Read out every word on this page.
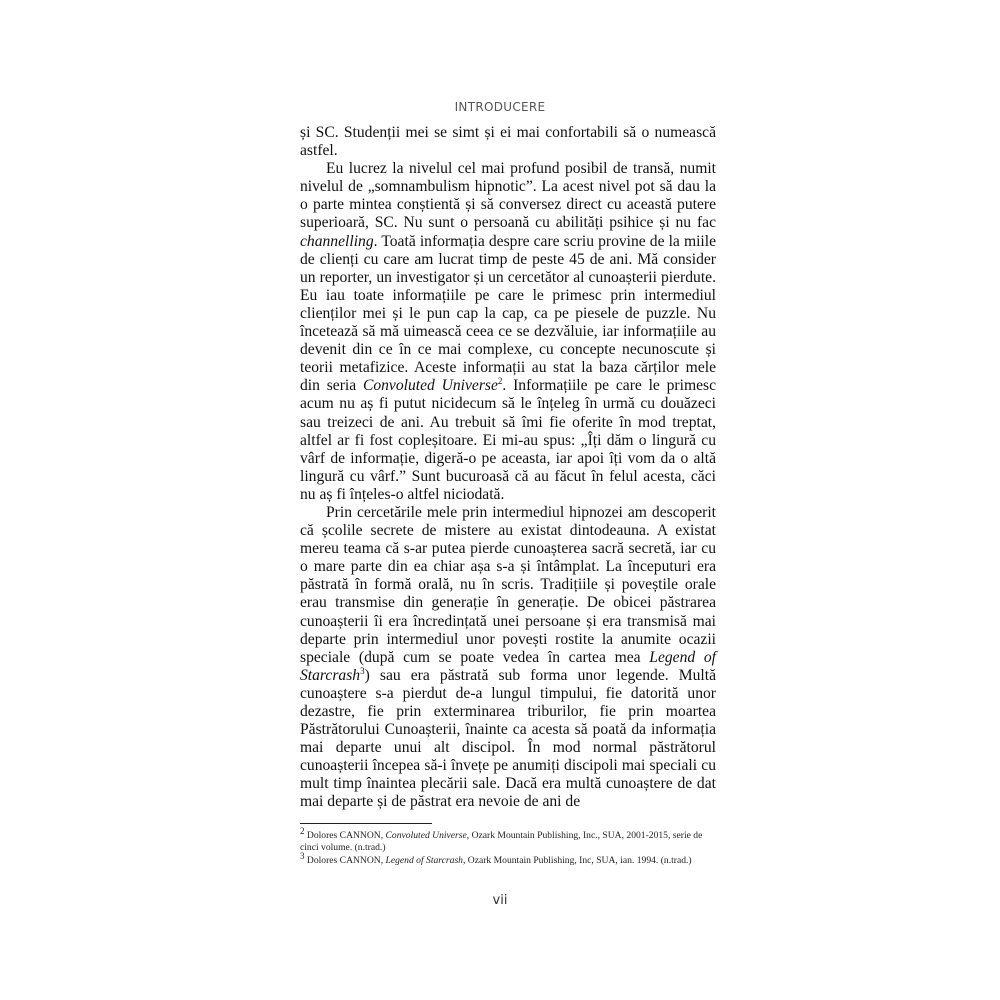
INTRODUCERE

și SC. Studenții mei se simt și ei mai confortabili să o numească astfel.

Eu lucrez la nivelul cel mai profund posibil de transă, numit nivelul de „somnambulism hipnotic”. La acest nivel pot să dau la o parte mintea conștientă și să conversez direct cu această putere superioară, SC. Nu sunt o persoană cu abilități psihice și nu fac channelling. Toată informația despre care scriu provine de la miile de clienți cu care am lucrat timp de peste 45 de ani. Mă consider un reporter, un investigator și un cercetător al cunoașterii pierdute. Eu iau toate informațiile pe care le primesc prin intermediul clienților mei și le pun cap la cap, ca pe piesele de puzzle. Nu încetează să mă uimească ceea ce se dezvăluie, iar informațiile au devenit din ce în ce mai complexe, cu concepte necunoscute și teorii metafizice. Aceste informații au stat la baza cărților mele din seria Convoluted Universe$^2$. Informațiile pe care le primesc acum nu aș fi putut nicidecum să le înțeleg în urmă cu douăzeci sau treizeci de ani. Au trebuit să îmi fie oferite în mod treptat, altfel ar fi fost copleșitoare. Ei mi-au spus: „Îți dăm o lingură cu vârf de informație, digeră-o pe aceasta, iar apoi îți vom da o altă lingură cu vârf.” Sunt bucuroasă că au făcut în felul acesta, căci nu aș fi înțeles-o altfel niciodată.

Prin cercetările mele prin intermediul hipnozei am descoperit că școlile secrete de mistere au existat dintodeauna. A existat mereu teama că s-ar putea pierde cunoașterea sacră secretă, iar cu o mare parte din ea chiar așa s-a și întâmplat. La începuturi era păstrată în formă orală, nu în scris. Tradițiile și poveștile orale erau transmise din generație în generație. De obicei păstrarea cunoașterii îi era încredințată unei persoane și era transmisă mai departe prin intermediul unor povești rostite la anumite ocazii speciale (după cum se poate vedea în cartea mea Legend of Starcrash$^3$) sau era păstrată sub forma unor legende. Multă cunoaștere s-a pierdut de-a lungul timpului, fie datorită unor dezastre, fie prin exterminarea triburilor, fie prin moartea Păstrătorului Cunoașterii, înainte ca acesta să poată da informația mai departe unui alt discipol. În mod normal păstrătorul cunoașterii începea să-i învețe pe anumiți discipoli mai speciali cu mult timp înaintea plecării sale. Dacă era multă cunoaștere de dat mai departe și de păstrat era nevoie de ani de

$^2$ Dolores CANNON, Convoluted Universe, Ozark Mountain Publishing, Inc., SUA, 2001-2015, serie de cinci volume. (n.trad.)

$^3$ Dolores CANNON, Legend of Starcrash, Ozark Mountain Publishing, Inc, SUA, ian. 1994. (n.trad.)

vii
